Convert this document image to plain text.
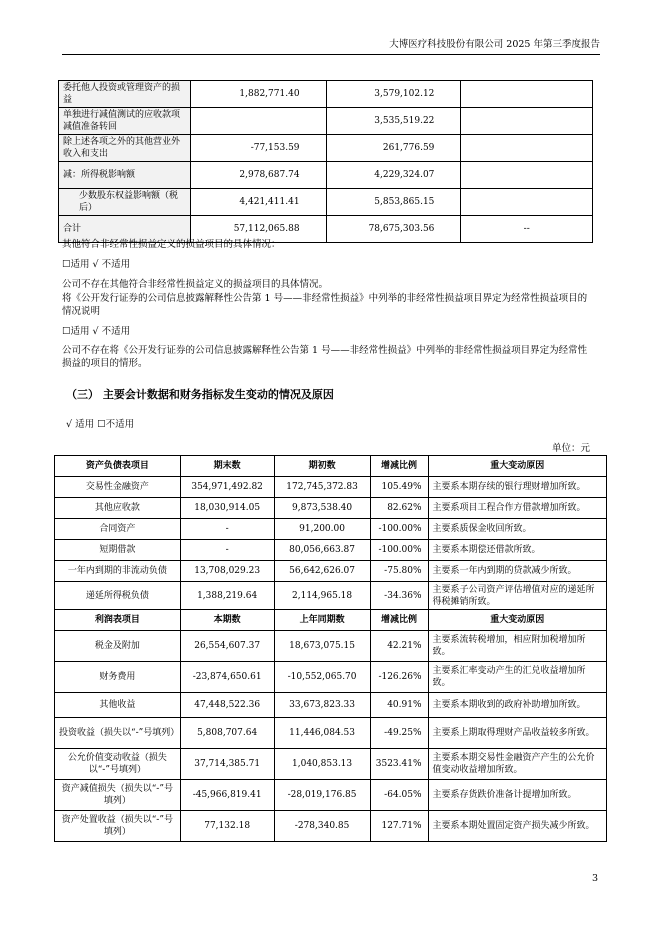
大博医疗科技股份有限公司 2025 年第三季度报告
委托他人投资或管理资产的损益	1,882,771.40	3,579,102.12	
单独进行减值测试的应收款项减值准备转回		3,535,519.22	
除上述各项之外的其他营业外收入和支出	-77,153.59	261,776.59	
减：所得税影响额	2,978,687.74	4,229,324.07	
少数股东权益影响额（税后）	4,421,411.41	5,853,865.15	
合计	57,112,065.88	78,675,303.56	--
其他符合非经常性损益定义的损益项目的具体情况：
☐适用 √ 不适用
公司不存在其他符合非经常性损益定义的损益项目的具体情况。
将《公开发行证券的公司信息披露解释性公告第 1 号——非经常性损益》中列举的非经常性损益项目界定为经常性损益项目的情况说明
☐适用 √ 不适用
公司不存在将《公开发行证券的公司信息披露解释性公告第 1 号——非经常性损益》中列举的非经常性损益项目界定为经常性损益的项目的情形。
（三） 主要会计数据和财务指标发生变动的情况及原因
√ 适用 ☐不适用
单位：元
资产负债表项目	期末数	期初数	增减比例	重大变动原因
交易性金融资产	354,971,492.82	172,745,372.83	105.49%	主要系本期存续的银行理财增加所致。
其他应收款	18,030,914.05	9,873,538.40	82.62%	主要系项目工程合作方借款增加所致。
合同资产	-	91,200.00	-100.00%	主要系质保金收回所致。
短期借款	-	80,056,663.87	-100.00%	主要系本期偿还借款所致。
一年内到期的非流动负债	13,708,029.23	56,642,626.07	-75.80%	主要系一年内到期的贷款减少所致。
递延所得税负债	1,388,219.64	2,114,965.18	-34.36%	主要系子公司资产评估增值对应的递延所得税摊销所致。
利润表项目	本期数	上年同期数	增减比例	重大变动原因
税金及附加	26,554,607.37	18,673,075.15	42.21%	主要系流转税增加，相应附加税增加所致。
财务费用	-23,874,650.61	-10,552,065.70	-126.26%	主要系汇率变动产生的汇兑收益增加所致。
其他收益	47,448,522.36	33,673,823.33	40.91%	主要系本期收到的政府补助增加所致。
投资收益（损失以“-”号填列）	5,808,707.64	11,446,084.53	-49.25%	主要系上期取得理财产品收益较多所致。
公允价值变动收益（损失以“-”号填列）	37,714,385.71	1,040,853.13	3523.41%	主要系本期交易性金融资产产生的公允价值变动收益增加所致。
资产减值损失（损失以“-”号填列）	-45,966,819.41	-28,019,176.85	-64.05%	主要系存货跌价准备计提增加所致。
资产处置收益（损失以“-”号填列）	77,132.18	-278,340.85	127.71%	主要系本期处置固定资产损失减少所致。
3
